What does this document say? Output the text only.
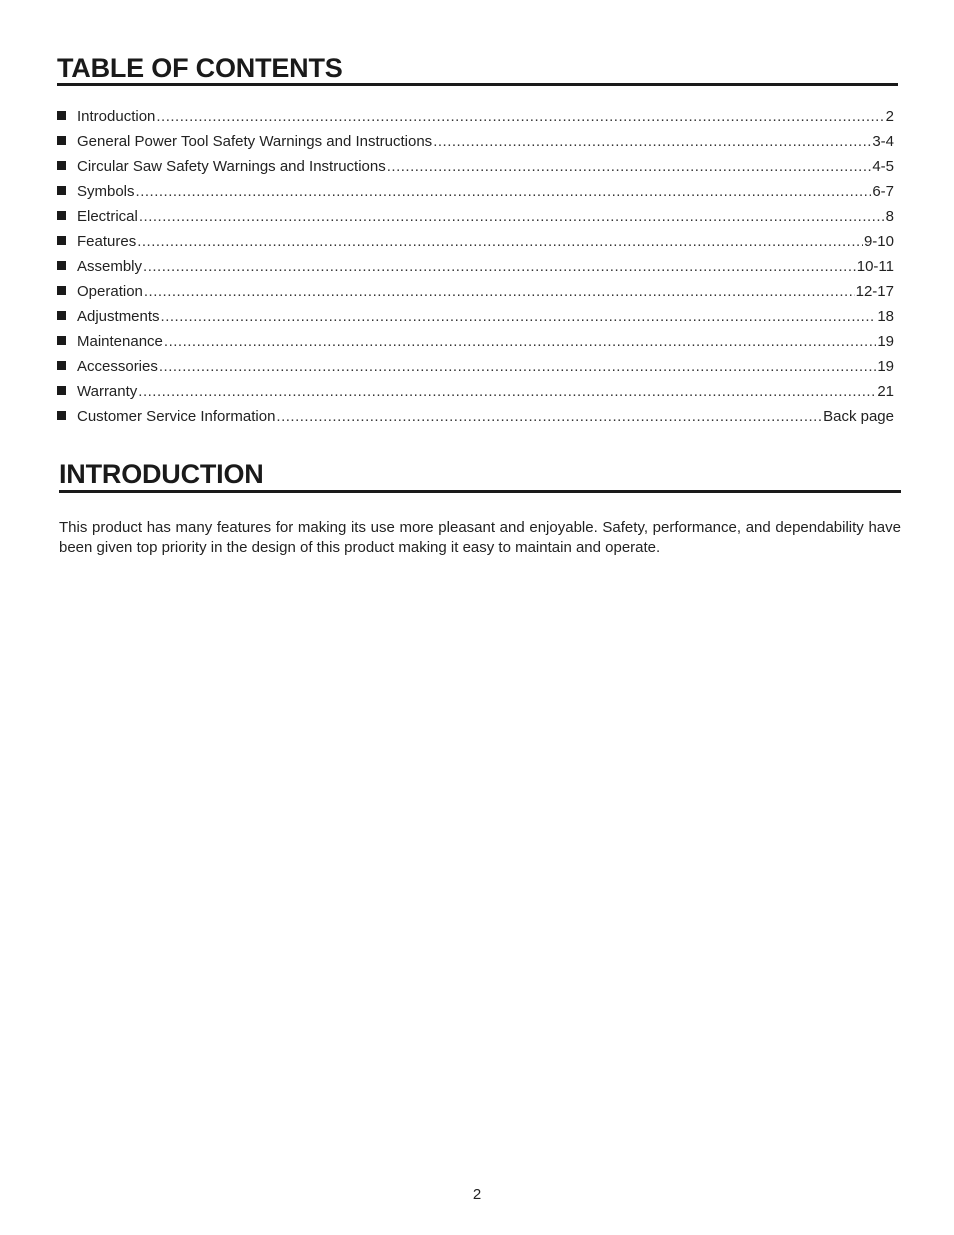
TABLE OF CONTENTS
Introduction .....	2
General Power Tool Safety Warnings and Instructions .....	3-4
Circular Saw Safety Warnings and Instructions .....	4-5
Symbols .....	6-7
Electrical .....	8
Features .....	9-10
Assembly .....	10-11
Operation .....	12-17
Adjustments .....	18
Maintenance .....	19
Accessories .....	19
Warranty .....	21
Customer Service Information .....	Back page
INTRODUCTION

This product has many features for making its use more pleasant and enjoyable. Safety, performance, and dependability have been given top priority in the design of this product making it easy to maintain and operate.

2
